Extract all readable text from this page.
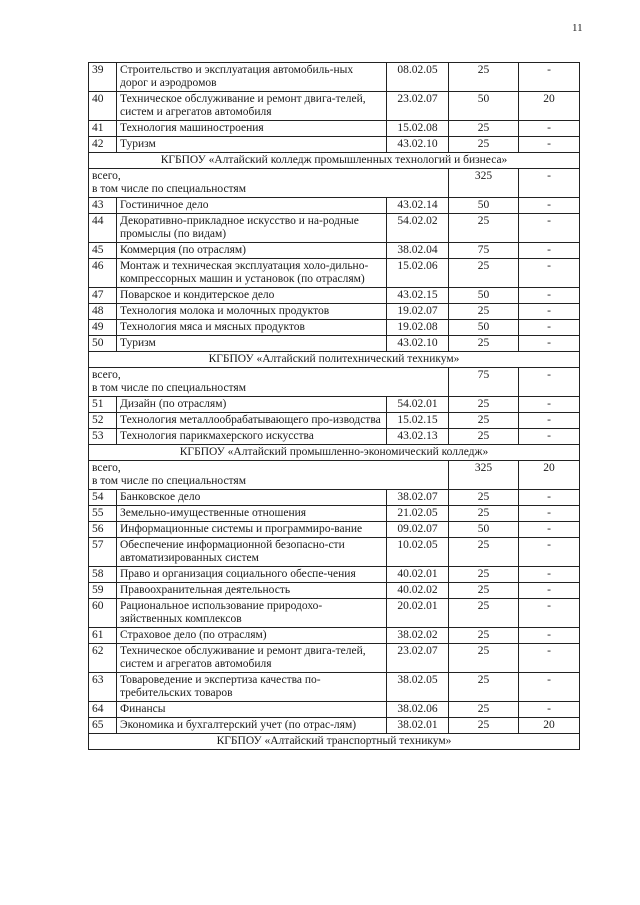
11
39	Строительство и эксплуатация автомобиль-ных дорог и аэродромов	08.02.05	25	-
40	Техническое обслуживание и ремонт двига-телей, систем и агрегатов автомобиля	23.02.07	50	20
41	Технология машиностроения	15.02.08	25	-
42	Туризм	43.02.10	25	-
КГБПОУ «Алтайский колледж промышленных технологий и бизнеса»				

всего,
в том числе по специальностям			325	-
43	Гостиничное дело	43.02.14	50	-
44	Декоративно-прикладное искусство и на-родные промыслы (по видам)	54.02.02	25	-
45	Коммерция (по отраслям)	38.02.04	75	-
46	Монтаж и техническая эксплуатация холо-дильно-компрессорных машин и установок (по отраслям)	15.02.06	25	-
47	Поварское и кондитерское дело	43.02.15	50	-
48	Технология молока и молочных продуктов	19.02.07	25	-
49	Технология мяса и мясных продуктов	19.02.08	50	-
50	Туризм	43.02.10	25	-
КГБПОУ «Алтайский политехнический техникум»				

всего,
в том числе по специальностям			75	-
51	Дизайн (по отраслям)	54.02.01	25	-
52	Технология металлообрабатывающего про-изводства	15.02.15	25	-
53	Технология парикмахерского искусства	43.02.13	25	-
КГБПОУ «Алтайский промышленно-экономический колледж»				

всего,
в том числе по специальностям			325	20
54	Банковское дело	38.02.07	25	-
55	Земельно-имущественные отношения	21.02.05	25	-
56	Информационные системы и программиро-вание	09.02.07	50	-
57	Обеспечение информационной безопасно-сти автоматизированных систем	10.02.05	25	-
58	Право и организация социального обеспе-чения	40.02.01	25	-
59	Правоохранительная деятельность	40.02.02	25	-
60	Рациональное использование природохо-зяйственных комплексов	20.02.01	25	-
61	Страховое дело (по отраслям)	38.02.02	25	-
62	Техническое обслуживание и ремонт двига-телей, систем и агрегатов автомобиля	23.02.07	25	-
63	Товароведение и экспертиза качества по-требительских товаров	38.02.05	25	-
64	Финансы	38.02.06	25	-
65	Экономика и бухгалтерский учет (по отрас-лям)	38.02.01	25	20
КГБПОУ «Алтайский транспортный техникум»				
